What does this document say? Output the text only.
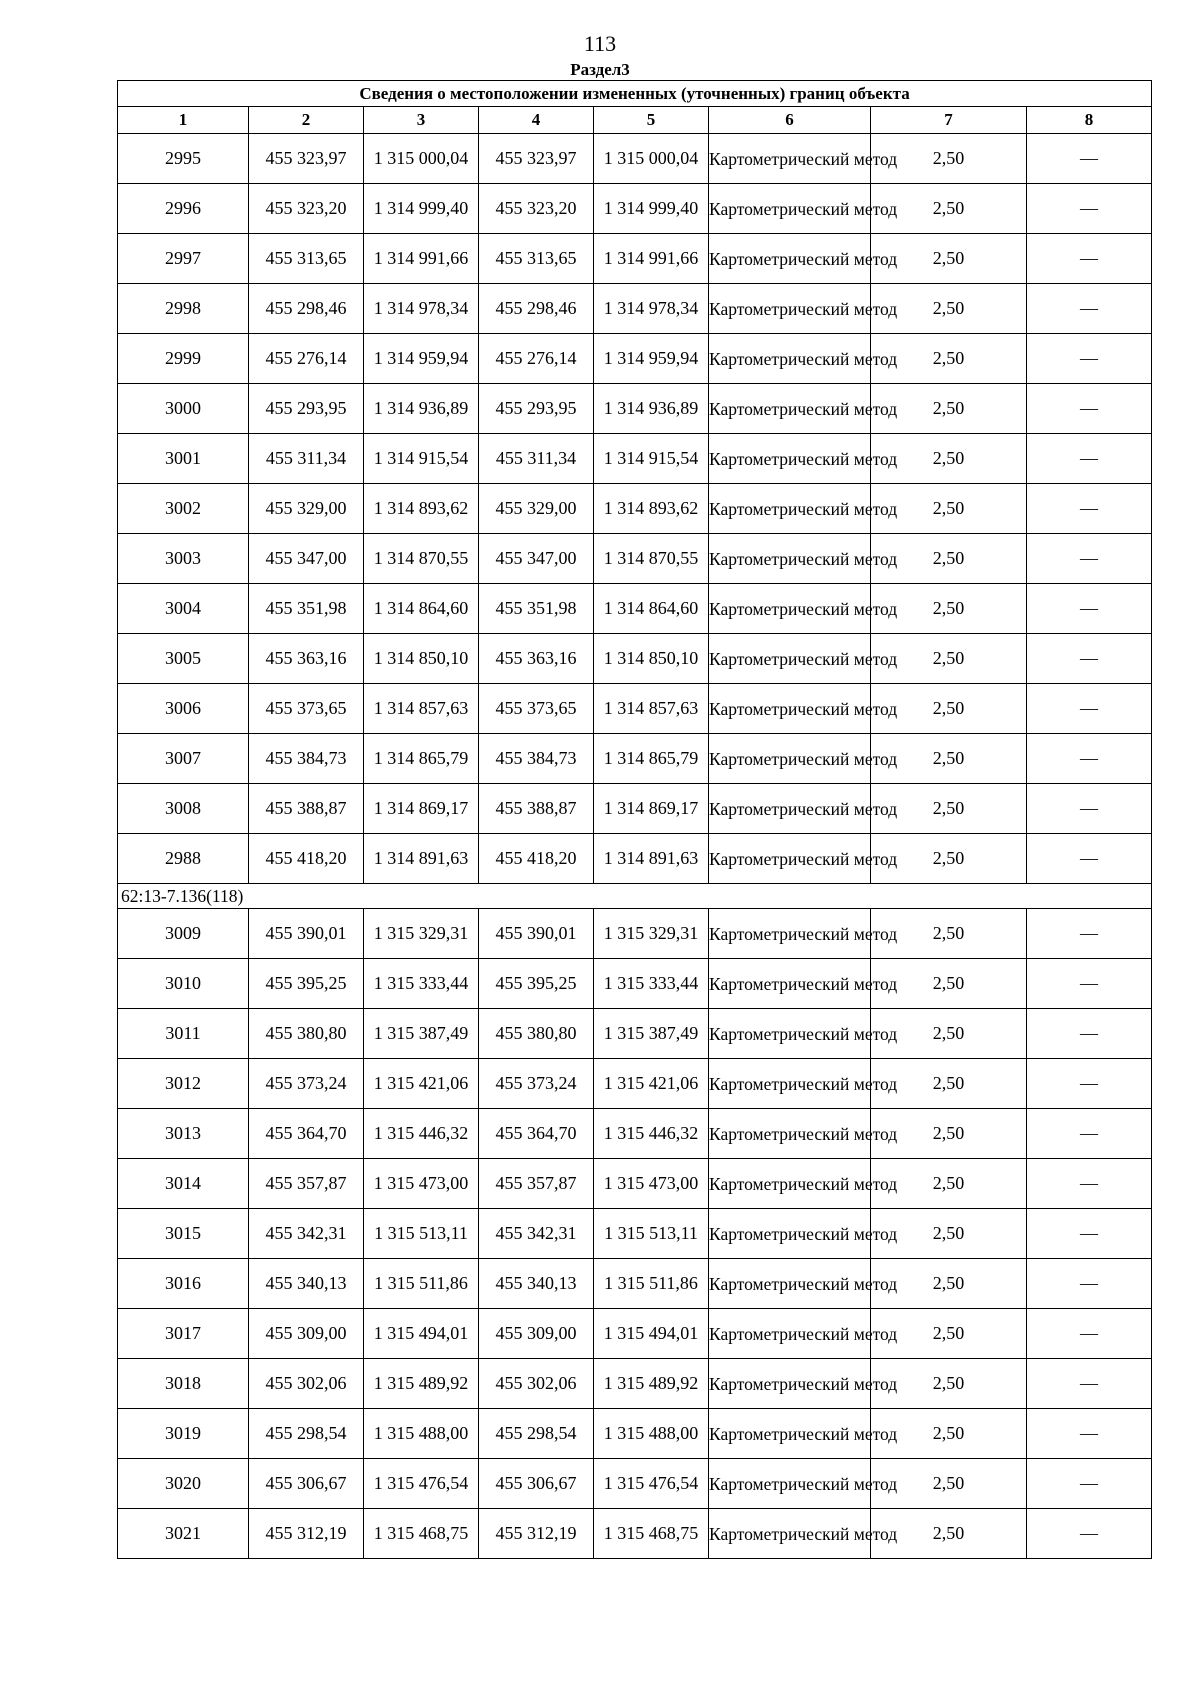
113
Раздел3
Сведения о местоположении измененных (уточненных) границ объекта							
1	2	3	4	5	6	7	8
2995	455 323,97	1 315 000,04	455 323,97	1 315 000,04	Картометрический метод	2,50	—
2996	455 323,20	1 314 999,40	455 323,20	1 314 999,40	Картометрический метод	2,50	—
2997	455 313,65	1 314 991,66	455 313,65	1 314 991,66	Картометрический метод	2,50	—
2998	455 298,46	1 314 978,34	455 298,46	1 314 978,34	Картометрический метод	2,50	—
2999	455 276,14	1 314 959,94	455 276,14	1 314 959,94	Картометрический метод	2,50	—
3000	455 293,95	1 314 936,89	455 293,95	1 314 936,89	Картометрический метод	2,50	—
3001	455 311,34	1 314 915,54	455 311,34	1 314 915,54	Картометрический метод	2,50	—
3002	455 329,00	1 314 893,62	455 329,00	1 314 893,62	Картометрический метод	2,50	—
3003	455 347,00	1 314 870,55	455 347,00	1 314 870,55	Картометрический метод	2,50	—
3004	455 351,98	1 314 864,60	455 351,98	1 314 864,60	Картометрический метод	2,50	—
3005	455 363,16	1 314 850,10	455 363,16	1 314 850,10	Картометрический метод	2,50	—
3006	455 373,65	1 314 857,63	455 373,65	1 314 857,63	Картометрический метод	2,50	—
3007	455 384,73	1 314 865,79	455 384,73	1 314 865,79	Картометрический метод	2,50	—
3008	455 388,87	1 314 869,17	455 388,87	1 314 869,17	Картометрический метод	2,50	—
2988	455 418,20	1 314 891,63	455 418,20	1 314 891,63	Картометрический метод	2,50	—
62:13-7.136(118)							
3009	455 390,01	1 315 329,31	455 390,01	1 315 329,31	Картометрический метод	2,50	—
3010	455 395,25	1 315 333,44	455 395,25	1 315 333,44	Картометрический метод	2,50	—
3011	455 380,80	1 315 387,49	455 380,80	1 315 387,49	Картометрический метод	2,50	—
3012	455 373,24	1 315 421,06	455 373,24	1 315 421,06	Картометрический метод	2,50	—
3013	455 364,70	1 315 446,32	455 364,70	1 315 446,32	Картометрический метод	2,50	—
3014	455 357,87	1 315 473,00	455 357,87	1 315 473,00	Картометрический метод	2,50	—
3015	455 342,31	1 315 513,11	455 342,31	1 315 513,11	Картометрический метод	2,50	—
3016	455 340,13	1 315 511,86	455 340,13	1 315 511,86	Картометрический метод	2,50	—
3017	455 309,00	1 315 494,01	455 309,00	1 315 494,01	Картометрический метод	2,50	—
3018	455 302,06	1 315 489,92	455 302,06	1 315 489,92	Картометрический метод	2,50	—
3019	455 298,54	1 315 488,00	455 298,54	1 315 488,00	Картометрический метод	2,50	—
3020	455 306,67	1 315 476,54	455 306,67	1 315 476,54	Картометрический метод	2,50	—
3021	455 312,19	1 315 468,75	455 312,19	1 315 468,75	Картометрический метод	2,50	—
